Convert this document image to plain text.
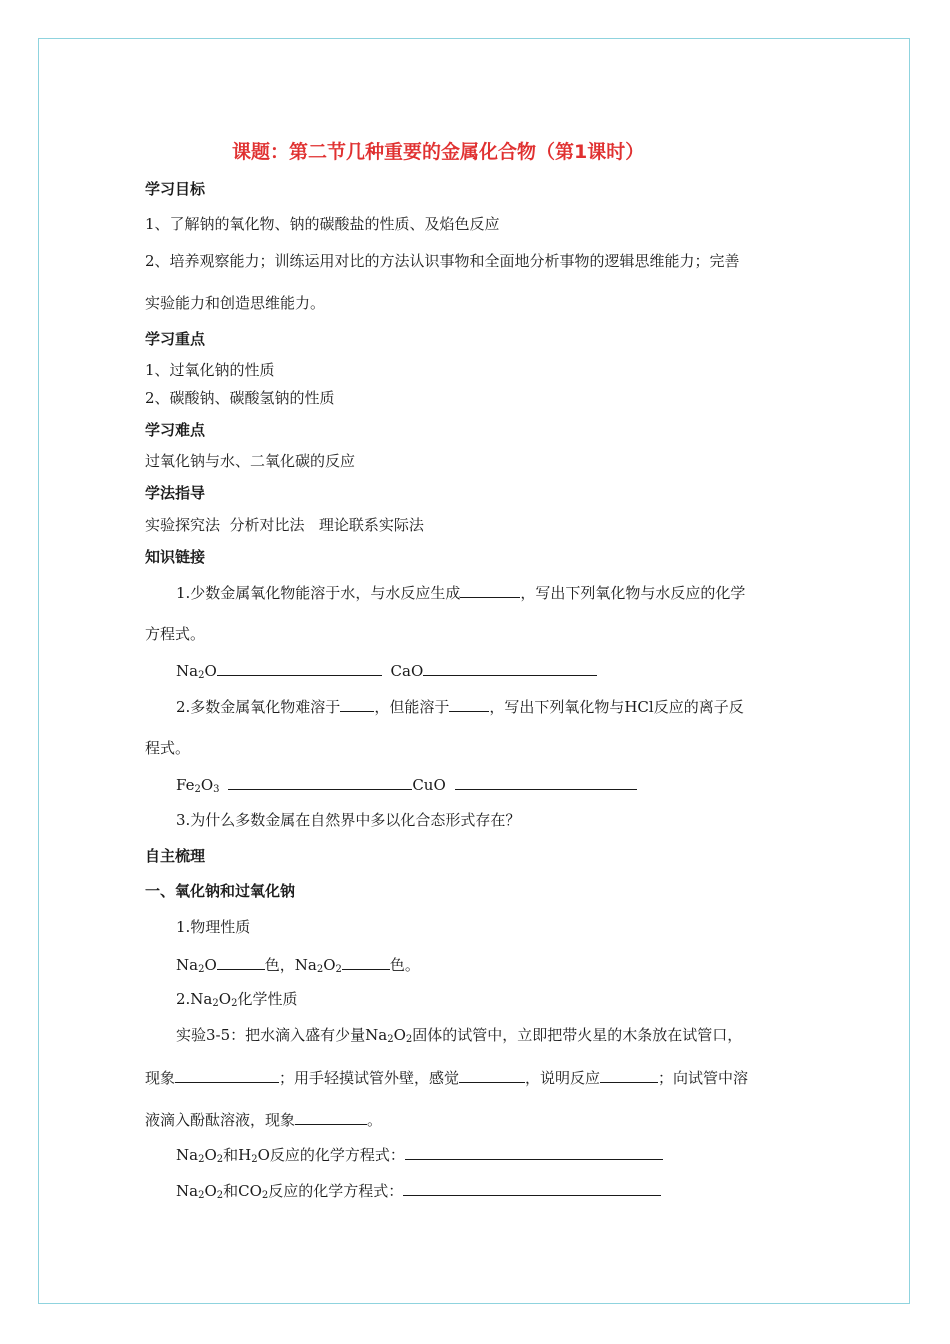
课题：第二节几种重要的金属化合物（第1课时）
学习目标
1、了解钠的氧化物、钠的碳酸盐的性质、及焰色反应
2、培养观察能力；训练运用对比的方法认识事物和全面地分析事物的逻辑思维能力；完善
实验能力和创造思维能力。
学习重点
1、过氧化钠的性质
2、碳酸钠、碳酸氢钠的性质
学习难点
过氧化钠与水、二氧化碳的反应
学法指导
实验探究法  分析对比法   理论联系实际法
知识链接
1.少数金属氧化物能溶于水，与水反应生成	，写出下列氧化物与水反应的化学
方程式。
$Na_2O$	CaO
2.多数金属氧化物难溶于 ，但能溶于	，写出下列氧化物与HCl反应的离子反
程式。
$Fe_2O_3$	CuO
3.为什么多数金属在自然界中多以化合态形式存在？
自主梳理
一、氧化钠和过氧化钠
1.物理性质
$Na_2O$	色，$Na_2O_2$	色。
$2.Na_2O_2$化学性质
实验3-5：把水滴入盛有少量$Na_2O_2$固体的试管中，立即把带火星的木条放在试管口，
现象	；用手轻摸试管外壁，感觉	，说明反应	；向试管中溶
液滴入酚酞溶液，现象	。
$Na_2O_2$和$H_2O$反应的化学方程式：
$Na_2O_2$和$CO_2$反应的化学方程式：
